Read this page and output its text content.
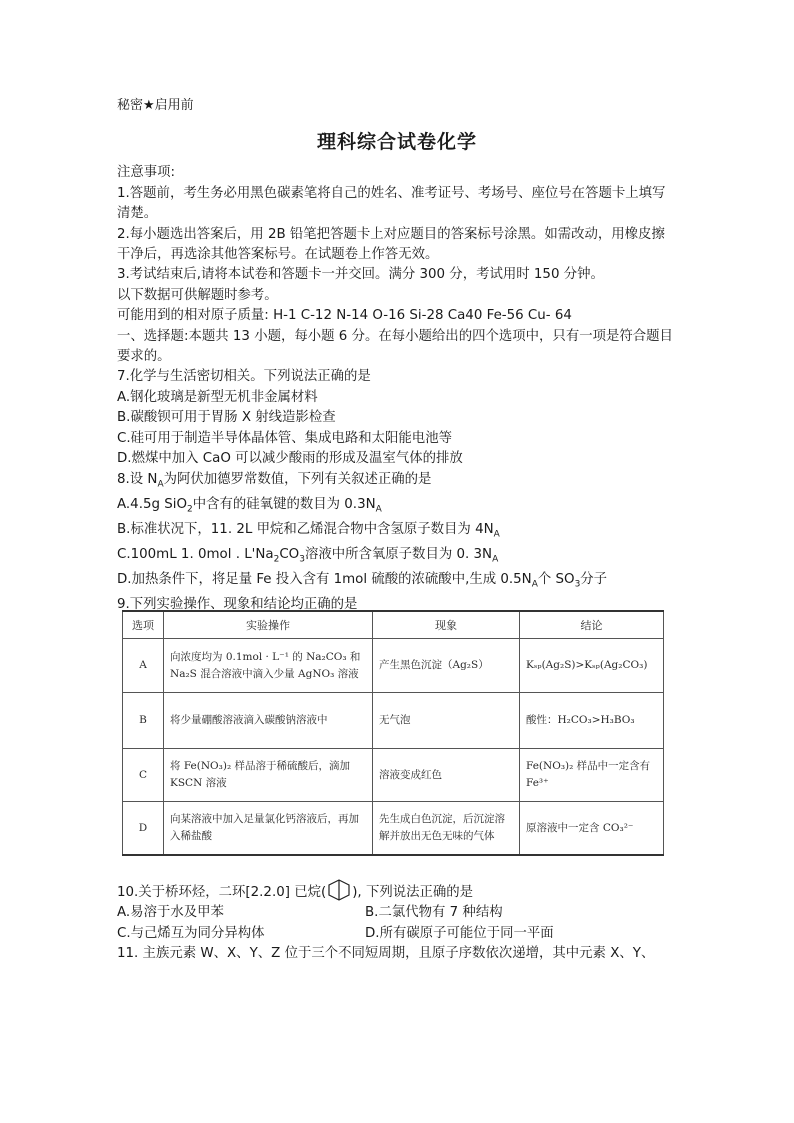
秘密★启用前
理科综合试卷化学
注意事项:
1.答题前，考生务必用黑色碳素笔将自己的姓名、准考证号、考场号、座位号在答题卡上填写清楚。
2.每小题选出答案后，用 2B 铅笔把答题卡上对应题目的答案标号涂黑。如需改动，用橡皮擦干净后，再选涂其他答案标号。在试题卷上作答无效。
3.考试结束后,请将本试卷和答题卡一并交回。满分 300 分，考试用时 150 分钟。
以下数据可供解题时参考。
可能用到的相对原子质量: H-1 C-12 N-14 O-16 Si-28 Ca40 Fe-56 Cu- 64
一、选择题:本题共 13 小题，每小题 6 分。在每小题给出的四个选项中，只有一项是符合题目要求的。
7.化学与生活密切相关。下列说法正确的是
A.钢化玻璃是新型无机非金属材料
B.碳酸钡可用于胃肠 X 射线造影检查
C.硅可用于制造半导体晶体管、集成电路和太阳能电池等
D.燃煤中加入 CaO 可以减少酸雨的形成及温室气体的排放
8.设 $N_A$为阿伏加德罗常数值，下列有关叙述正确的是
A.4.5g SiO$_2$中含有的硅氧键的数目为 $0.3N_A$
B.标准状况下，11. 2L 甲烷和乙烯混合物中含氢原子数目为 $4N_A$
C.100mL 1. 0mol . $L'Na_2CO_3$溶液中所含氧原子数目为 0. $3N_A$
D.加热条件下，将足量 Fe 投入含有 1mol 硫酸的浓硫酸中,生成 $0.5N_A$个 $SO_3$分子
9.下列实验操作、现象和结论均正确的是
选项	实验操作	现象	结论
A	向浓度均为 0.1mol · L⁻¹ 的 Na₂CO₃ 和 Na₂S 混合溶液中滴入少量 AgNO₃ 溶液	产生黑色沉淀（Ag₂S）	Kₛₚ(Ag₂S)>Kₛₚ(Ag₂CO₃)
B	将少量硼酸溶液滴入碳酸钠溶液中	无气泡	酸性：H₂CO₃>H₃BO₃
C	将 Fe(NO₃)₂ 样品溶于稀硫酸后，滴加 KSCN 溶液	溶液变成红色	Fe(NO₃)₂ 样品中一定含有 Fe³⁺
D	向某溶液中加入足量氯化钙溶液后，再加入稀盐酸	先生成白色沉淀，后沉淀溶解并放出无色无味的气体	原溶液中一定含 CO₃²⁻
10.关于桥环烃，二环[2.2.0] 已烷( ), 下列说法正确的是
A.易溶于水及甲苯	B.二氯代物有 7 种结构
C.与己烯互为同分异构体	D.所有碳原子可能位于同一平面
11. 主族元素 W、X、Y、Z 位于三个不同短周期，且原子序数依次递增，其中元素 X、Y、
